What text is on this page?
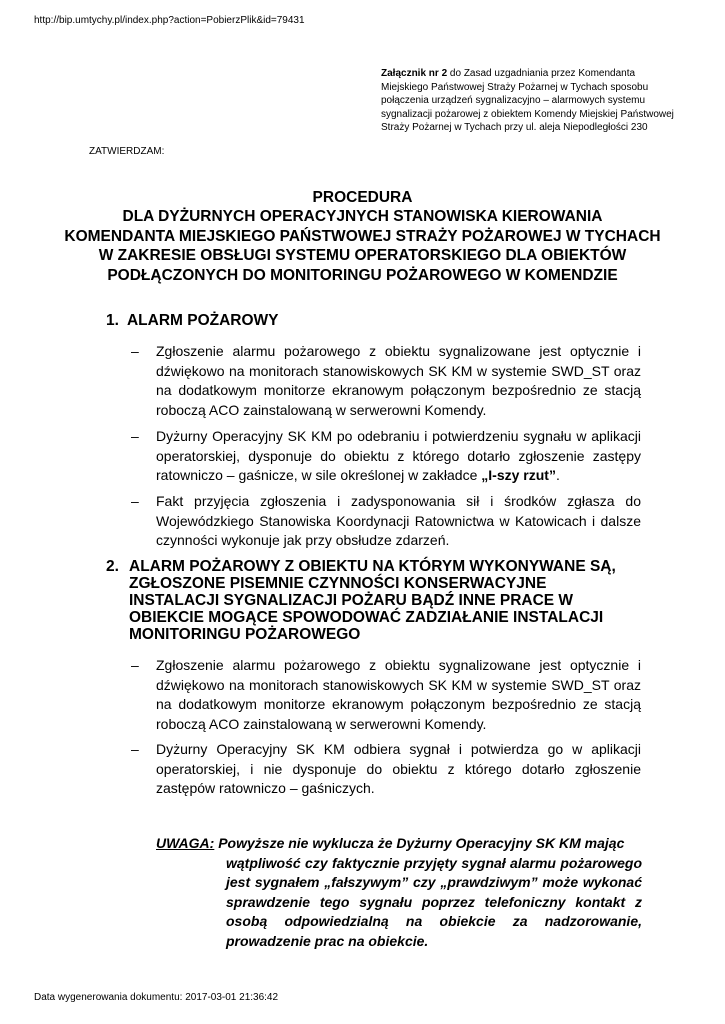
http://bip.umtychy.pl/index.php?action=PobierzPlik&id=79431
Załącznik nr 2 do Zasad uzgadniania przez Komendanta Miejskiego Państwowej Straży Pożarnej w Tychach sposobu połączenia urządzeń sygnalizacyjno – alarmowych systemu sygnalizacji pożarowej z obiektem Komendy Miejskiej Państwowej Straży Pożarnej w Tychach przy ul. aleja Niepodległości 230
ZATWIERDZAM:
PROCEDURA
DLA DYŻURNYCH OPERACYJNYCH STANOWISKA KIEROWANIA
KOMENDANTA MIEJSKIEGO PAŃSTWOWEJ STRAŻY POŻAROWEJ W TYCHACH
W ZAKRESIE OBSŁUGI SYSTEMU OPERATORSKIEGO DLA OBIEKTÓW
PODŁĄCZONYCH DO MONITORINGU POŻAROWEGO W KOMENDZIE
1. ALARM POŻAROWY
– Zgłoszenie alarmu pożarowego z obiektu sygnalizowane jest optycznie i dźwiękowo na monitorach stanowiskowych SK KM w systemie SWD_ST oraz na dodatkowym monitorze ekranowym połączonym bezpośrednio ze stacją roboczą ACO zainstalowaną w serwerowni Komendy.
– Dyżurny Operacyjny SK KM po odebraniu i potwierdzeniu sygnału w aplikacji operatorskiej, dysponuje do obiektu z którego dotarło zgłoszenie zastępy ratowniczo – gaśnicze, w sile określonej w zakładce „I-szy rzut”.
– Fakt przyjęcia zgłoszenia i zadysponowania sił i środków zgłasza do Wojewódzkiego Stanowiska Koordynacji Ratownictwa w Katowicach i dalsze czynności wykonuje jak przy obsłudze zdarzeń.
2. ALARM POŻAROWY Z OBIEKTU NA KTÓRYM WYKONYWANE SĄ, ZGŁOSZONE PISEMNIE CZYNNOŚCI KONSERWACYJNE INSTALACJI SYGNALIZACJI POŻARU BĄDŹ INNE PRACE W OBIEKCIE MOGĄCE SPOWODOWAĆ ZADZIAŁANIE INSTALACJI MONITORINGU POŻAROWEGO
– Zgłoszenie alarmu pożarowego z obiektu sygnalizowane jest optycznie i dźwiękowo na monitorach stanowiskowych SK KM w systemie SWD_ST oraz na dodatkowym monitorze ekranowym połączonym bezpośrednio ze stacją roboczą ACO zainstalowaną w serwerowni Komendy.
– Dyżurny Operacyjny SK KM odbiera sygnał i potwierdza go w aplikacji operatorskiej, i nie dysponuje do obiektu z którego dotarło zgłoszenie zastępów ratowniczo – gaśniczych.
UWAGA: Powyższe nie wyklucza że Dyżurny Operacyjny SK KM mając
wątpliwość czy faktycznie przyjęty sygnał alarmu pożarowego jest sygnałem „fałszywym” czy „prawdziwym” może wykonać sprawdzenie tego sygnału poprzez telefoniczny kontakt z osobą odpowiedzialną na obiekcie za nadzorowanie, prowadzenie prac na obiekcie.
Data wygenerowania dokumentu: 2017-03-01 21:36:42
